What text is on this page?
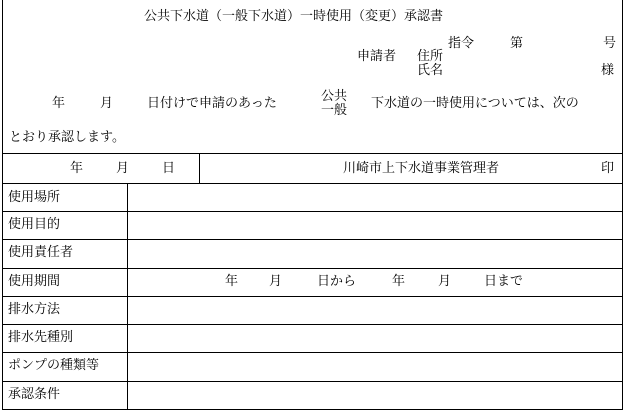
公共下水道（一般下水道）一時使用（変更）承認書
指令	第	号
申請者 住所
氏名	様
年	月	日付けで申請のあった	公共
一般 下水道の一時使用については、次の
とおり承認します。
年	月	日	川崎市上下水道事業管理者	印
使用場所
使用目的
使用責任者
使用期間	年 月	日から	年	月	日まで
排水方法
排水先種別
ポンプの種類等
承認条件
